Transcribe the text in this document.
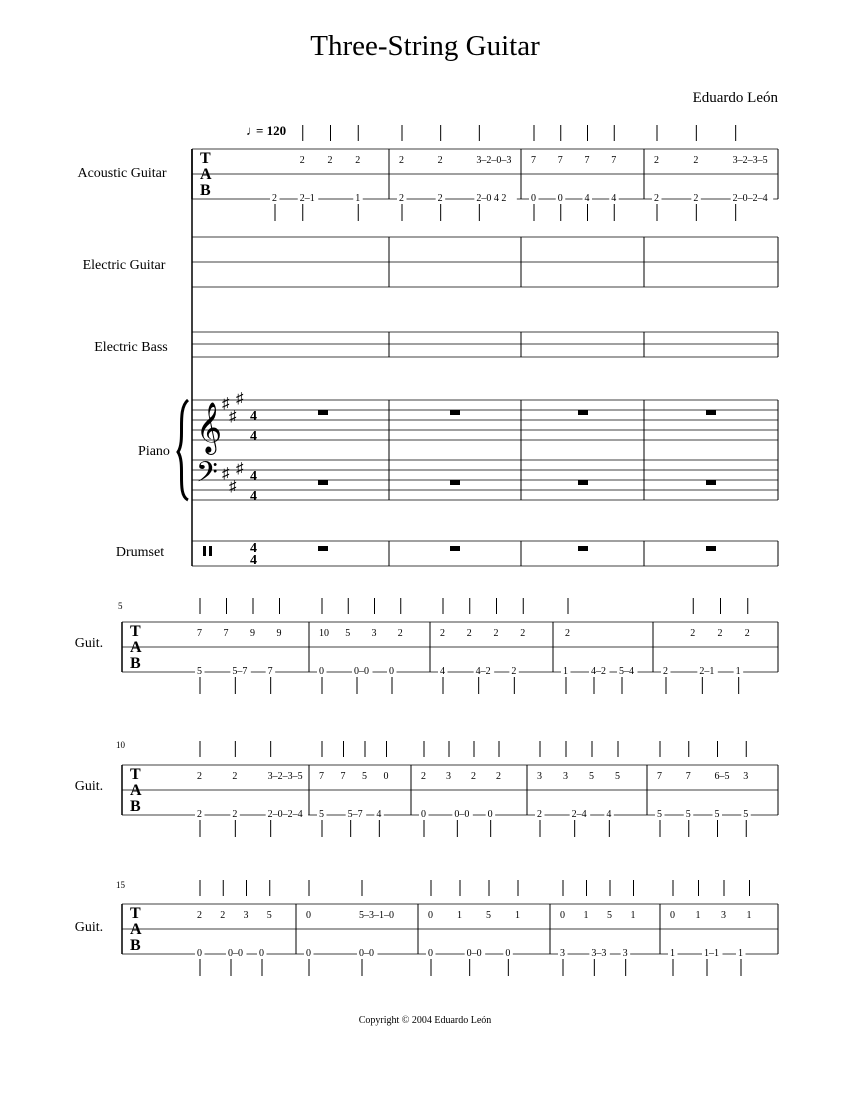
Three-String Guitar
Eduardo León
♩
= 120
Acoustic Guitar
Electric Guitar
Electric Bass
Piano
Drumset
Guit.
Guit.
Guit.
5
10
15
𝄞
𝄢
♯
♯
♯
♯
♯
♯
4
4
4
4
4
4
T
A
B
2 2 2
2 2–1	1
2	2	3–2–0–3
2	2	2–0 4 2
7 7 7 7
0 0 4 4
2	2	3–2–3–5
2	2	2–0–2–4
T
A
B
7 7 9 9
5	5–7 7
10 5 3 2
0	0–0 0
2 2 2 2
4	4–2 2
2
1 4–2 5–4
2 2 2
2	2–1 1
T
A
B
2	2	3–2–3–5
2	2	2–0–2–4
7 7 5 0
5 5–7 4
2 3 2 2
0	0–0 0
3 3 5 5
2	2–4 4
7 7 6–5 3
5 5 5 5
T
A
B
2 2 3 5
0	0–0 0
0	5–3–1–0
0	0–0
0 1 5 1
0	0–0 0
0 1 5 1
3	3–3 3
0 1 3 1
1	1–1 1
Copyright © 2004 Eduardo León
